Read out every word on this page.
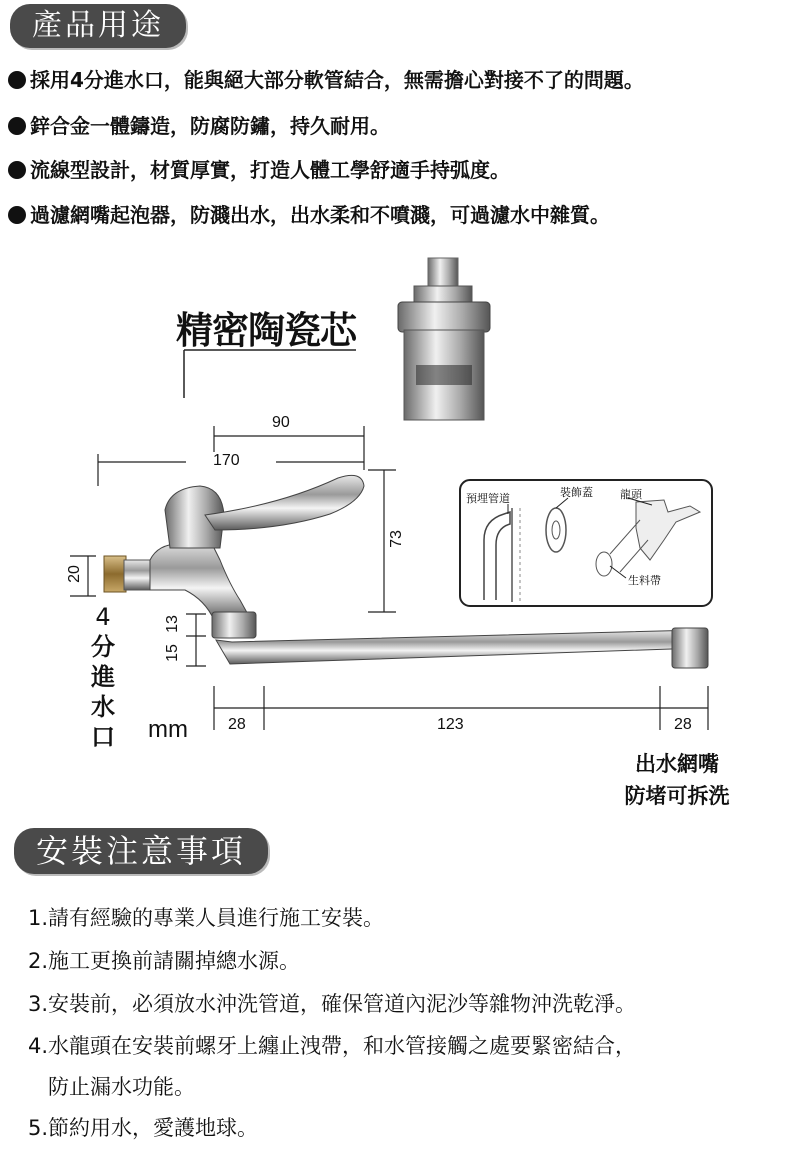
產品用途
採用4分進水口，能與絕大部分軟管結合，無需擔心對接不了的問題。
鋅合金一體鑄造，防腐防鏽，持久耐用。
流線型設計，材質厚實，打造人體工學舒適手持弧度。
過濾網嘴起泡器，防濺出水，出水柔和不噴濺，可過濾水中雜質。
精密陶瓷芯
90
170
73
20
13
15
28	123	28
mm
4
分
進
水
口
出水網嘴
防堵可拆洗
預埋管道	裝飾蓋 龍頭
生料帶
安裝注意事項
1.請有經驗的專業人員進行施工安裝。
2.施工更換前請關掉總水源。
3.安裝前，必須放水沖洗管道，確保管道內泥沙等雜物沖洗乾淨。
4.水龍頭在安裝前螺牙上纏止洩帶，和水管接觸之處要緊密結合，
防止漏水功能。
5.節約用水，愛護地球。
